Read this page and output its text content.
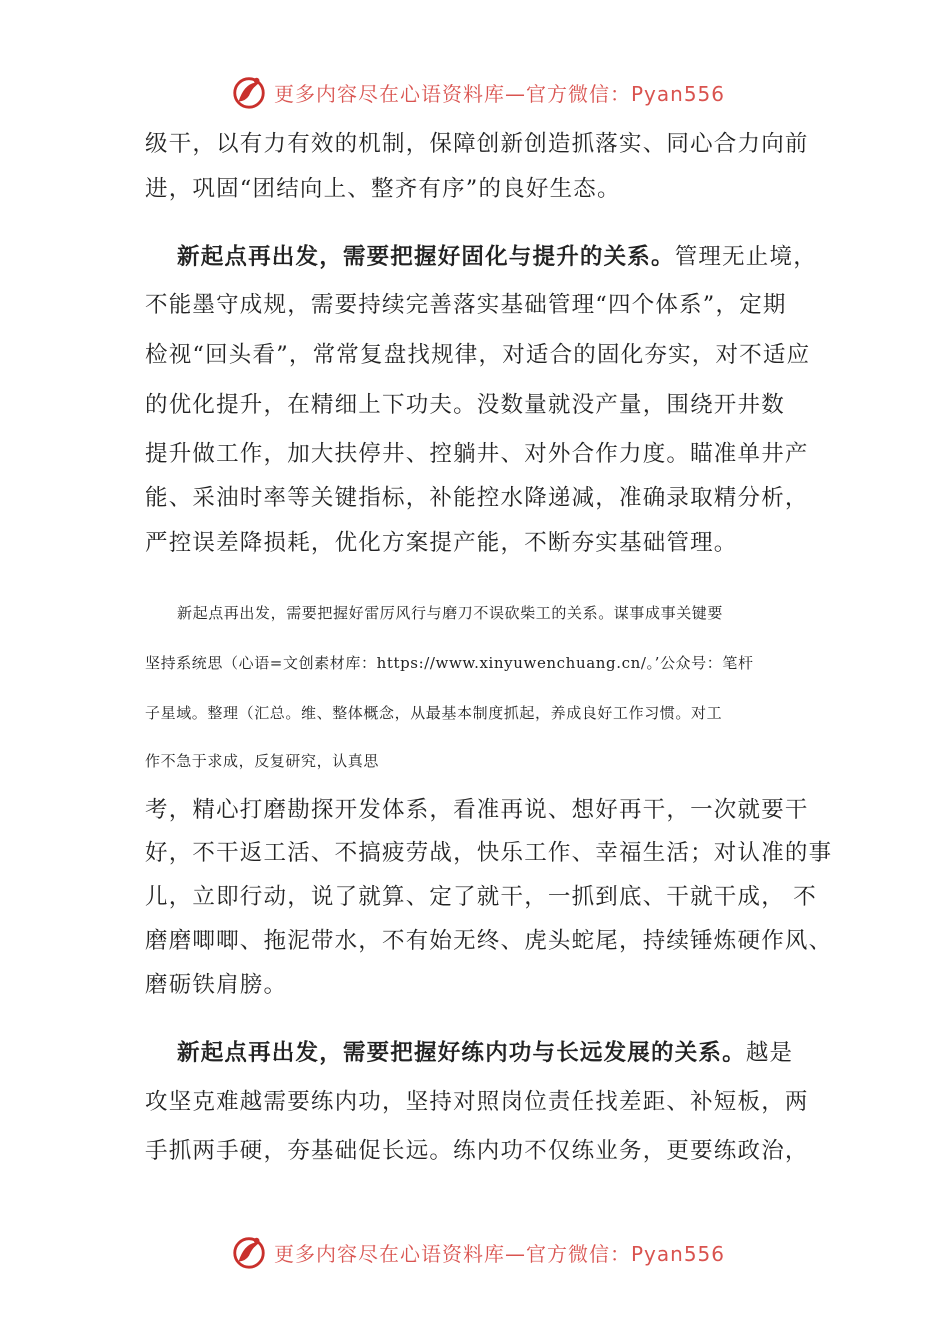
更多内容尽在心语资料库—官方微信：Pyan556
级干，以有力有效的机制，保障创新创造抓落实、同心合力向前
进，巩固“团结向上、整齐有序”的良好生态。
新起点再出发，需要把握好固化与提升的关系。管理无止境，
不能墨守成规，需要持续完善落实基础管理“四个体系”，定期
检视“回头看”，常常复盘找规律，对适合的固化夯实，对不适应
的优化提升，在精细上下功夫。没数量就没产量，围绕开井数
提升做工作，加大扶停井、控躺井、对外合作力度。瞄准单井产
能、采油时率等关键指标，补能控水降递减，准确录取精分析，
严控误差降损耗，优化方案提产能，不断夯实基础管理。
新起点再出发，需要把握好雷厉风行与磨刀不误砍柴工的关系。谋事成事关键要
坚持系统思（心语=文创素材库：https://www.xinyuwenchuang.cn/。’公众号：笔杆
子星域。整理（汇总。维、整体概念，从最基本制度抓起，养成良好工作习惯。对工
作不急于求成，反复研究，认真思
考，精心打磨勘探开发体系，看准再说、想好再干，一次就要干
好，不干返工活、不搞疲劳战，快乐工作、幸福生活；对认准的事
儿，立即行动，说了就算、定了就干，一抓到底、干就干成， 不
磨磨唧唧、拖泥带水，不有始无终、虎头蛇尾，持续锤炼硬作风、
磨砺铁肩膀。
新起点再出发，需要把握好练内功与长远发展的关系。越是
攻坚克难越需要练内功，坚持对照岗位责任找差距、补短板，两
手抓两手硬，夯基础促长远。练内功不仅练业务，更要练政治，
更多内容尽在心语资料库—官方微信：Pyan556
